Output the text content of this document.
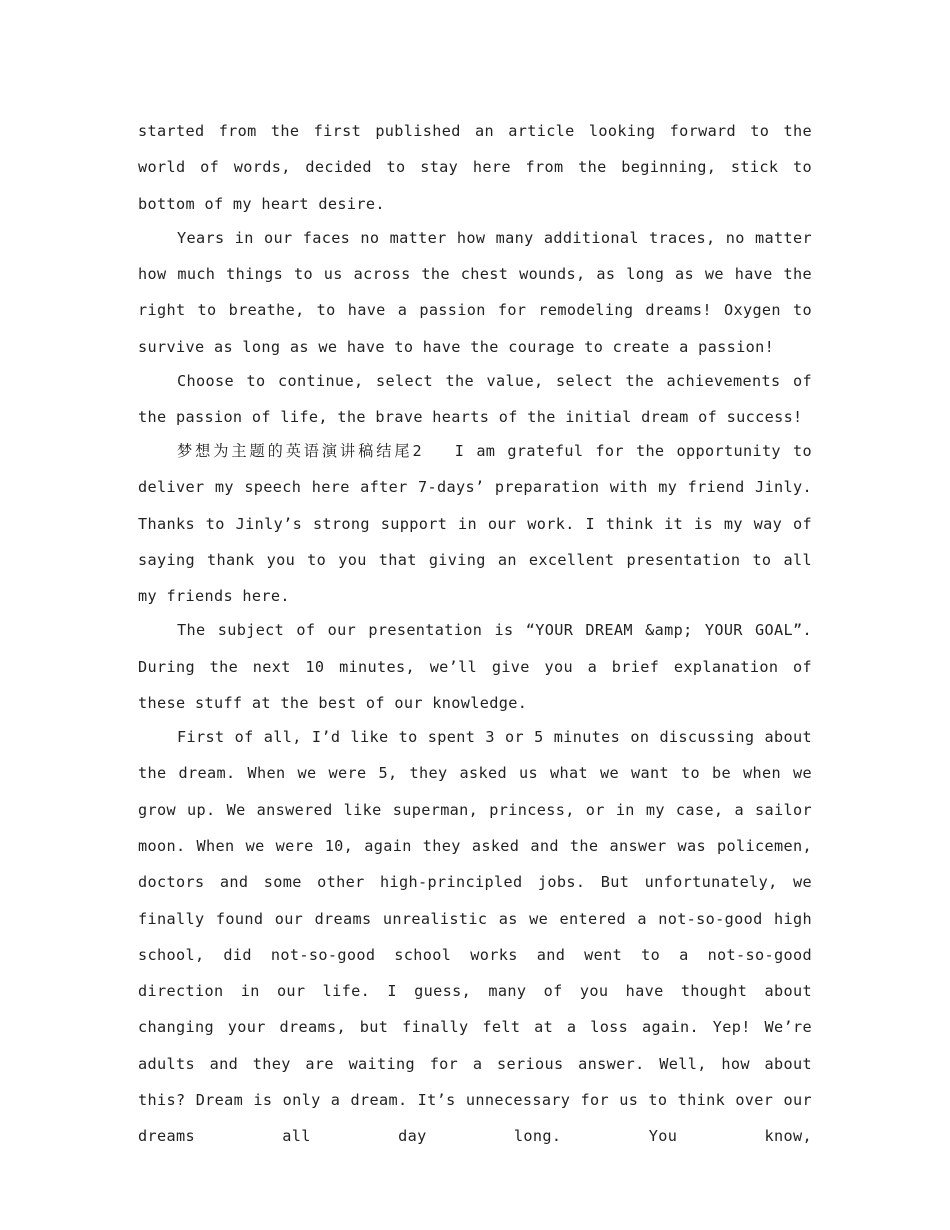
started from the first published an article looking forward to the world of words, decided to stay here from the beginning, stick to bottom of my heart desire.

Years in our faces no matter how many additional traces, no matter how much things to us across the chest wounds, as long as we have the right to breathe, to have a passion for remodeling dreams! Oxygen to survive as long as we have to have the courage to create a passion!

Choose to continue, select the value, select the achievements of the passion of life, the brave hearts of the initial dream of success!

梦想为主题的英语演讲稿结尾2　 I am grateful for the opportunity to deliver my speech here after 7-days’ preparation with my friend Jinly. Thanks to Jinly’s strong support in our work. I think it is my way of saying thank you to you that giving an excellent presentation to all my friends here.

The subject of our presentation is “YOUR DREAM &amp; YOUR GOAL”. During the next 10 minutes, we’ll give you a brief explanation of these stuff at the best of our knowledge.

First of all, I’d like to spent 3 or 5 minutes on discussing about the dream. When we were 5, they asked us what we want to be when we grow up. We answered like superman, princess, or in my case, a sailor moon. When we were 10, again they asked and the answer was policemen, doctors and some other high-principled jobs. But unfortunately, we finally found our dreams unrealistic as we entered a not-so-good high school, did not-so-good school works and went to a not-so-good direction in our life. I guess, many of you have thought about changing your dreams, but finally felt at a loss again. Yep! We’re adults and they are waiting for a serious answer. Well, how about this? Dream is only a dream. It’s unnecessary for us to think over our dreams all day long. You know,
